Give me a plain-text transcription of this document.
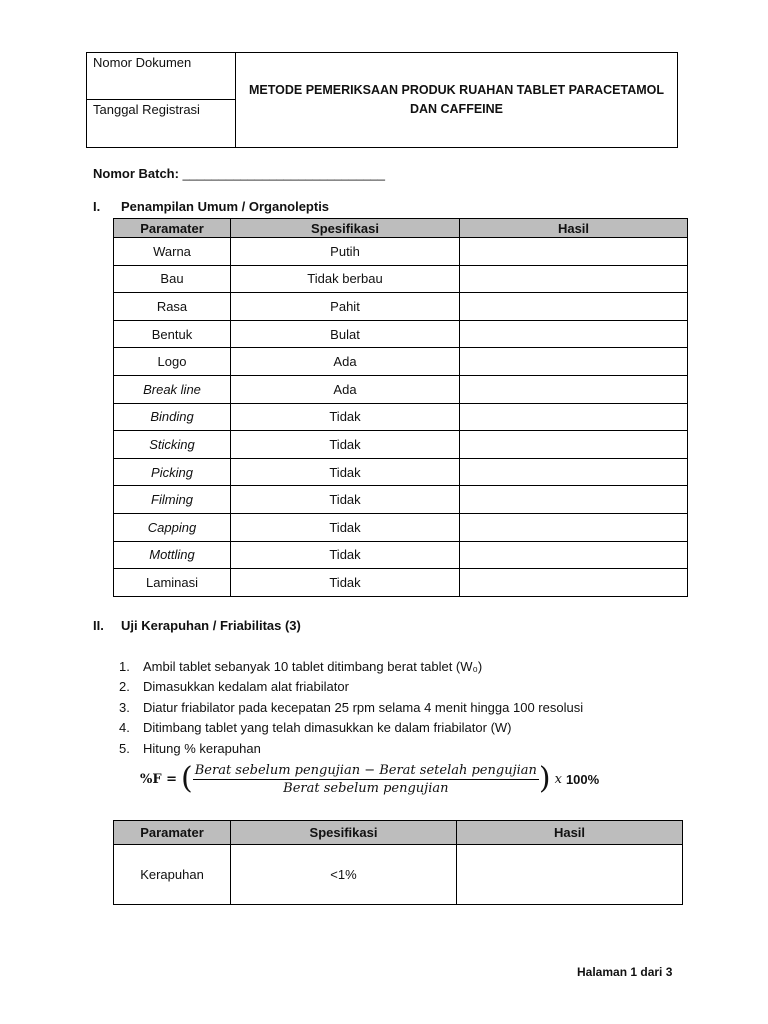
Nomor Dokumen
Tanggal Registrasi
METODE PEMERIKSAAN PRODUK RUAHAN TABLET PARACETAMOL
DAN CAFFEINE
Nomor Batch: ____________________________
I. Penampilan Umum / Organoleptis
Paramater	Spesifikasi	Hasil
Warna	Putih	
Bau	Tidak berbau	
Rasa	Pahit	
Bentuk	Bulat	
Logo	Ada	
Break line	Ada	
Binding	Tidak	
Sticking	Tidak	
Picking	Tidak	
Filming	Tidak	
Capping	Tidak	
Mottling	Tidak	
Laminasi	Tidak	
II. Uji Kerapuhan / Friabilitas (3)
1. Ambil tablet sebanyak 10 tablet ditimbang berat tablet (W₀)
2. Dimasukkan kedalam alat friabilator
3. Diatur friabilator pada kecepatan 25 rpm selama 4 menit hingga 100 resolusi
4. Ditimbang tablet yang telah dimasukkan ke dalam friabilator (W)
5. Hitung % kerapuhan
%F = ( Berat sebelum pengujian − Berat setelah pengujian
Berat sebelum pengujian	) x 100%
Paramater	Spesifikasi	Hasil
Kerapuhan	<1%	
Halaman 1 dari 3
